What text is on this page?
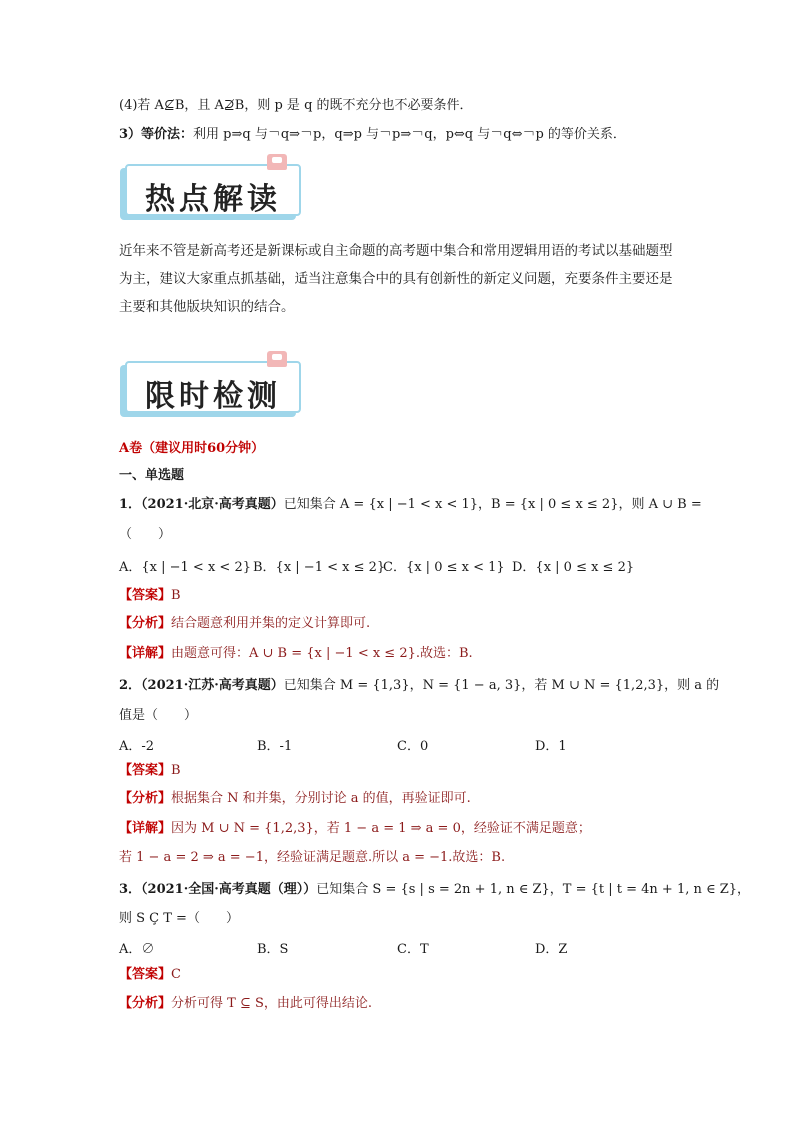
(4)若 A⊈B，且 A⊉B，则 p 是 q 的既不充分也不必要条件．
3）等价法：利用 p⇒q 与￢q⇒￢p，q⇒p 与￢p⇒￢q，p⇔q 与￢q⇔￢p 的等价关系．
热点解读
近年来不管是新高考还是新课标或自主命题的高考题中集合和常用逻辑用语的考试以基础题型为主，建议大家重点抓基础，适当注意集合中的具有创新性的新定义问题，充要条件主要还是主要和其他版块知识的结合。
限时检测
A卷（建议用时60分钟）
一、单选题
1．（2021·北京·高考真题）已知集合 A = {x | −1 < x < 1}，B = {x | 0 ≤ x ≤ 2}，则 A ∪ B =
（　　）
A．{x | −1 < x < 2} B．{x | −1 < x ≤ 2}
C．{x | 0 ≤ x < 1} D．{x | 0 ≤ x ≤ 2}
【答案】B
【分析】结合题意利用并集的定义计算即可.
【详解】由题意可得：A ∪ B = {x | −1 < x ≤ 2}.故选：B.
2．（2021·江苏·高考真题）已知集合 M = {1,3}，N = {1 − a, 3}，若 M ∪ N = {1,2,3}，则 a 的
值是（　　）
A．-2	B．-1	C．0	D．1
【答案】B
【分析】根据集合 N 和并集，分别讨论 a 的值，再验证即可.
【详解】因为 M ∪ N = {1,2,3}，若 1 − a = 1 ⇒ a = 0，经验证不满足题意；
若 1 − a = 2 ⇒ a = −1，经验证满足题意.所以 a = −1.故选：B.
3．（2021·全国·高考真题（理））已知集合 S = {s | s = 2n + 1, n ∈ Z}，T = {t | t = 4n + 1, n ∈ Z}，
则 S Ç T =（　　）
A．∅	B．S	C．T	D．Z
【答案】C
【分析】分析可得 T ⊆ S，由此可得出结论.
